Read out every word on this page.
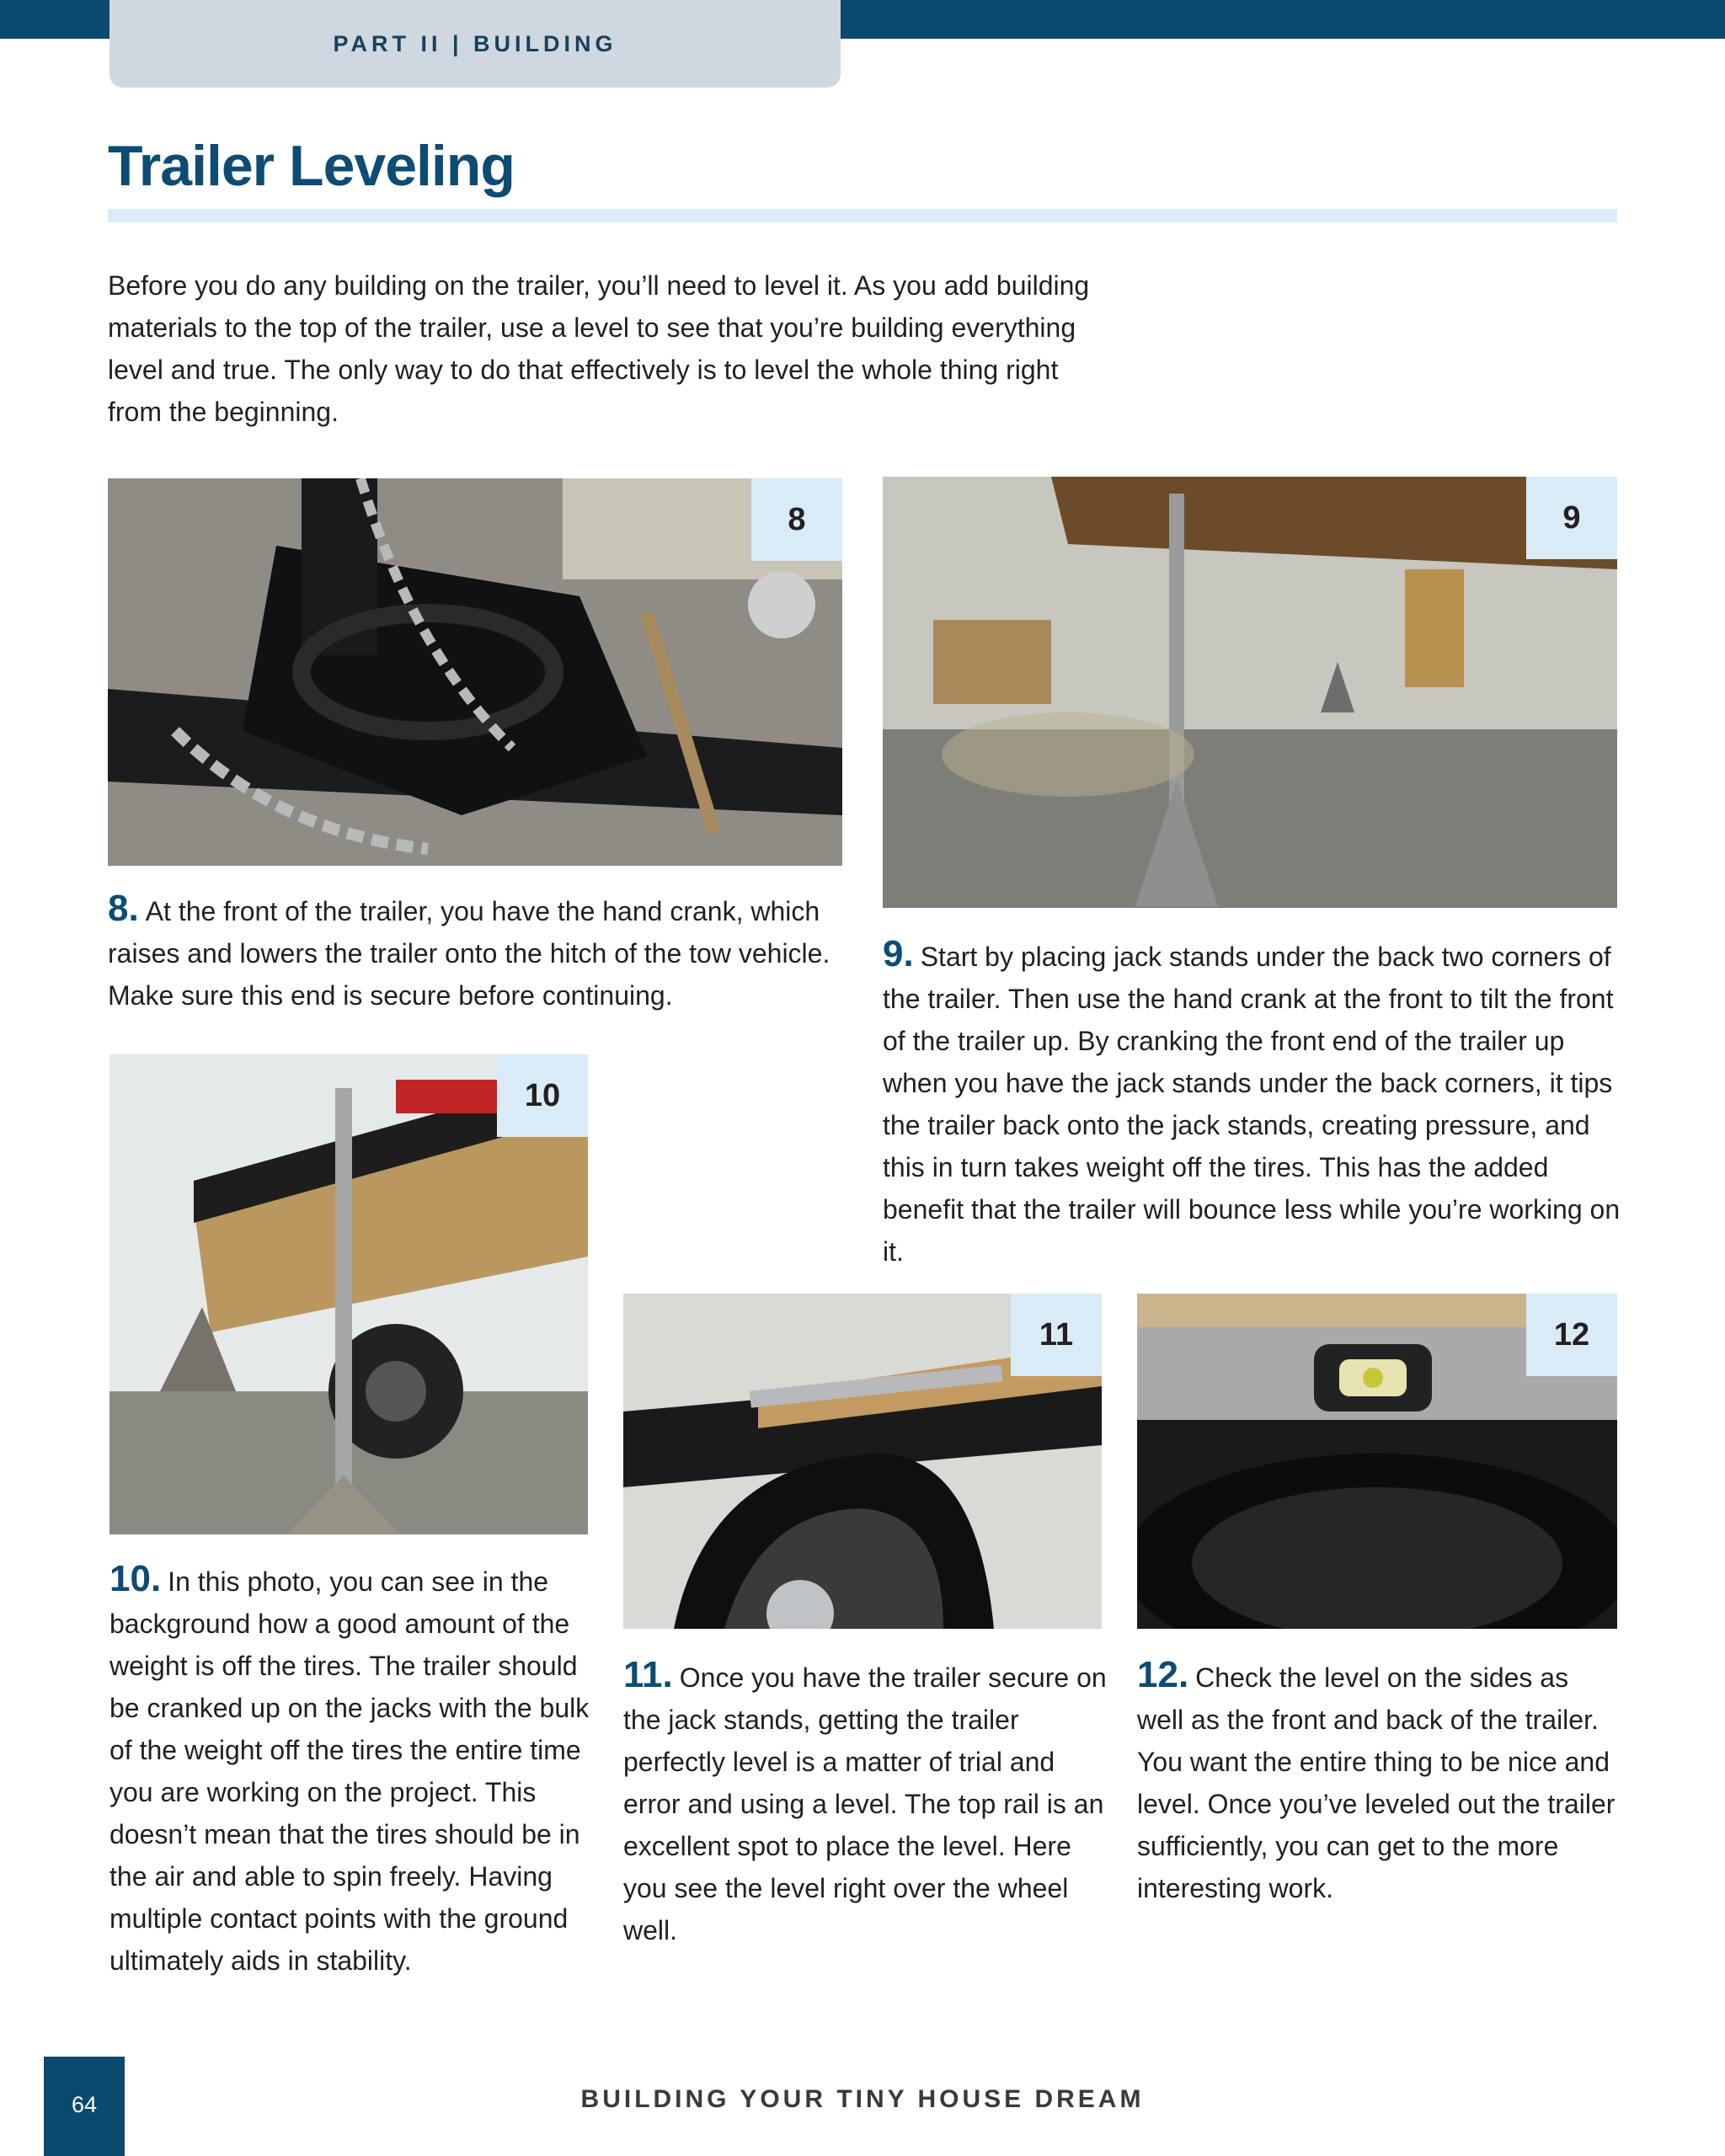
PART II | BUILDING
Trailer Leveling

Before you do any building on the trailer, you’ll need to level it. As you add building materials to the top of the trailer, use a level to see that you’re building everything level and true. The only way to do that effectively is to level the whole thing right from the beginning.

8	9
10
11	12

8. At the front of the trailer, you have the hand crank, which raises and lowers the trailer onto the hitch of the tow vehicle. Make sure this end is secure before continuing.

9. Start by placing jack stands under the back two corners of the trailer. Then use the hand crank at the front to tilt the front of the trailer up. By cranking the front end of the trailer up when you have the jack stands under the back corners, it tips the trailer back onto the jack stands, creating pressure, and this in turn takes weight off the tires. This has the added benefit that the trailer will bounce less while you’re working on it.

10. In this photo, you can see in the background how a good amount of the weight is off the tires. The trailer should be cranked up on the jacks with the bulk of the weight off the tires the entire time you are working on the project. This doesn’t mean that the tires should be in the air and able to spin freely. Having multiple contact points with the ground ultimately aids in stability.

11. Once you have the trailer secure on the jack stands, getting the trailer perfectly level is a matter of trial and error and using a level. The top rail is an excellent spot to place the level. Here you see the level right over the wheel well.

12. Check the level on the sides as well as the front and back of the trailer. You want the entire thing to be nice and level. Once you’ve leveled out the trailer sufficiently, you can get to the more interesting work.

64	BUILDING YOUR TINY HOUSE DREAM
